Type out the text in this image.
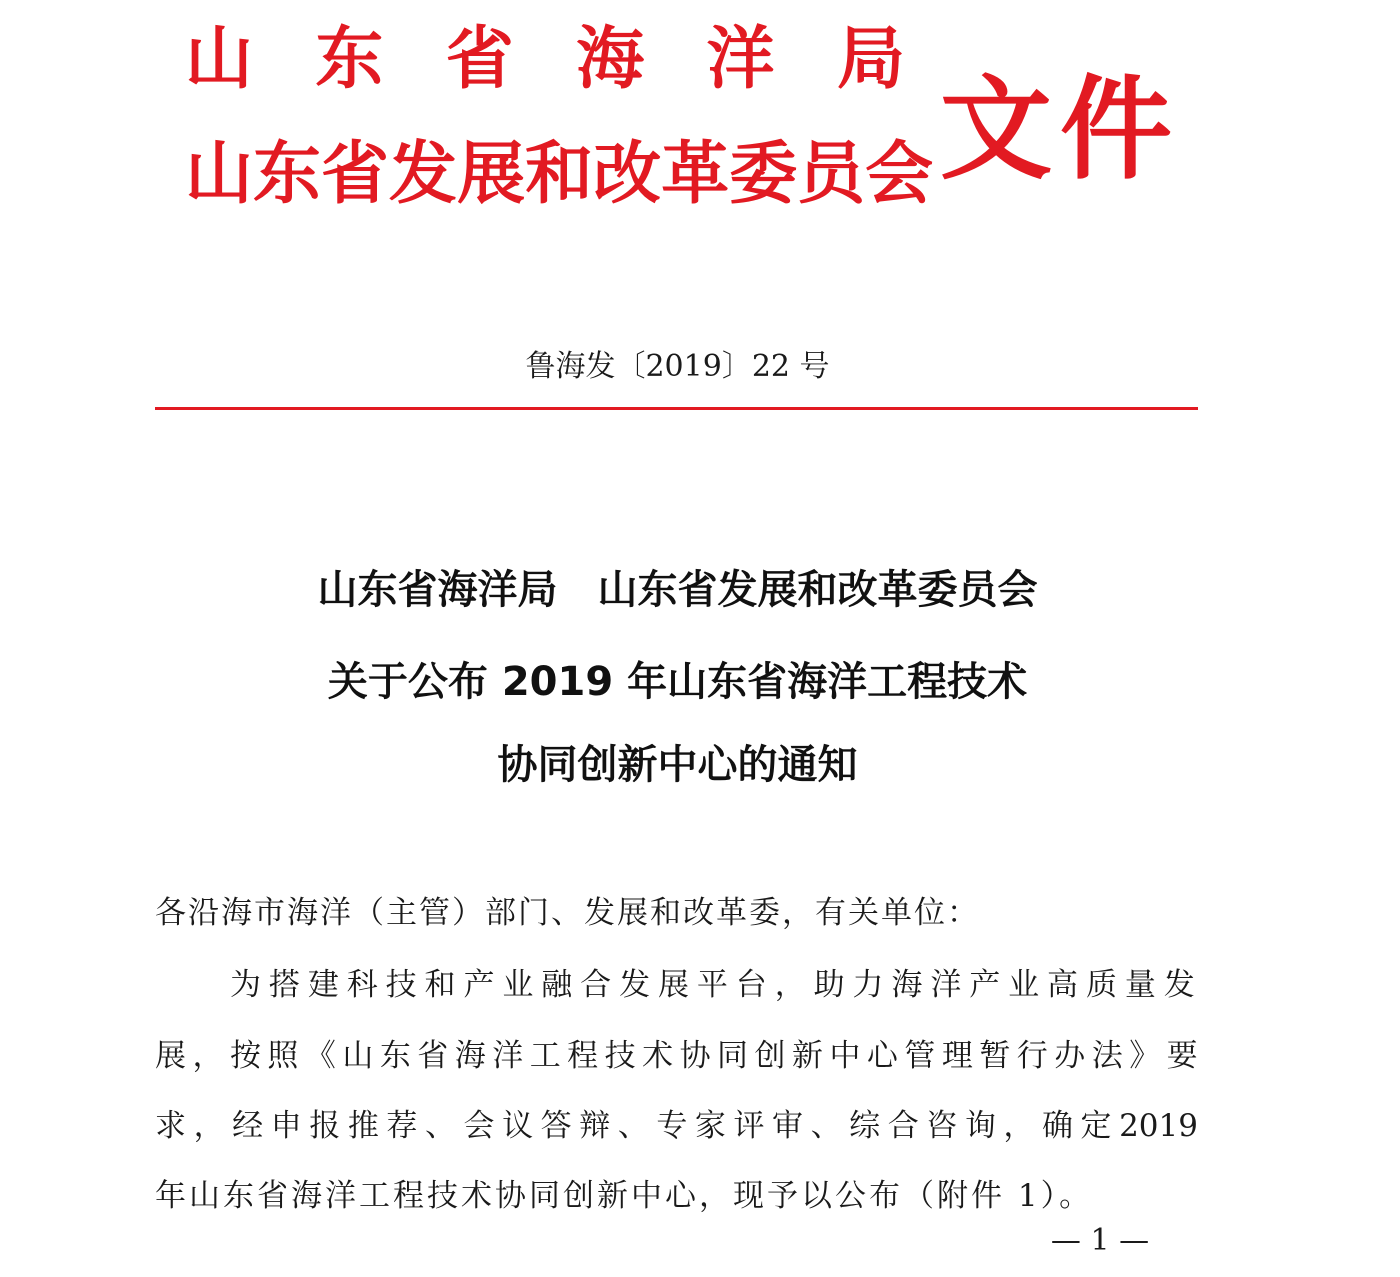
山 东 省 海 洋 局
山 东 省 发 展 和 改 革 委 员 会 文件
鲁海发〔2019〕22 号
山东省海洋局　山东省发展和改革委员会
关于公布 2019 年山东省海洋工程技术
协同创新中心的通知
各沿海市海洋（主管）部门、发展和改革委，有关单位：
为 搭 建 科 技 和 产 业 融 合 发 展 平 台 ， 助 力 海 洋 产 业 高 质 量 发
展 ， 按 照 《 山 东 省 海 洋 工 程 技 术 协 同 创 新 中 心 管 理 暂 行 办 法 》 要
求 ， 经 申 报 推 荐 、 会 议 答 辩 、 专 家 评 审 、 综 合 咨 询 ， 确 定 2019
年山东省海洋工程技术协同创新中心，现予以公布（附件 1）。
— 1 —
